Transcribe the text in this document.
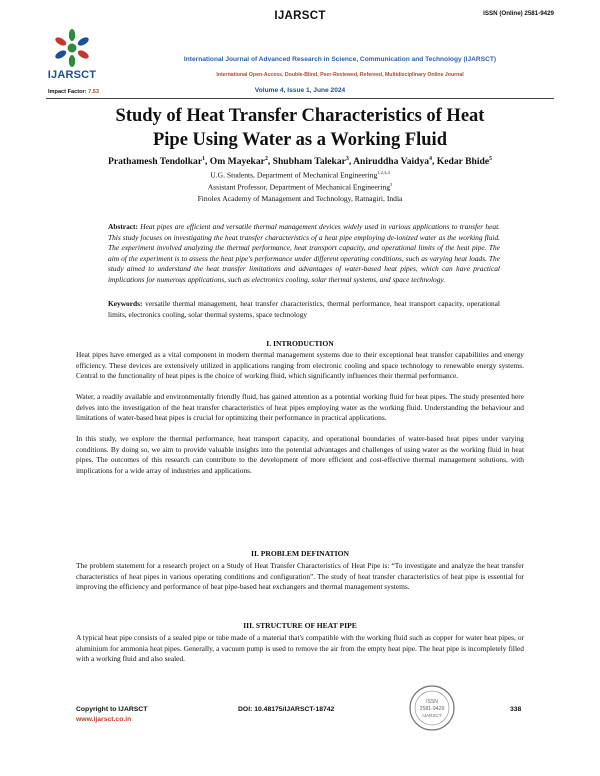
IJARSCT	ISSN (Online) 2581-9429
IJARSCT
International Journal of Advanced Research in Science, Communication and Technology (IJARSCT)
International Open-Access, Double-Blind, Peer-Reviewed, Refereed, Multidisciplinary Online Journal
Impact Factor: 7.53	Volume 4, Issue 1, June 2024
Study of Heat Transfer Characteristics of Heat
Pipe Using Water as a Working Fluid
Prathamesh Tendolkar$^1$, Om Mayekar$^2$, Shubham Talekar$^3$, Aniruddha Vaidya$^4$, Kedar Bhide$^5$
U.G. Students, Department of Mechanical Engineering$^{1,2,3,4}$
Assistant Professor, Department of Mechanical Engineering$^5$
Finolex Academy of Management and Technology, Ratnagiri, India
Abstract: Heat pipes are efficient and versatile thermal management devices widely used in various applications to transfer heat. This study focuses on investigating the heat transfer characteristics of a heat pipe employing de-ionized water as the working fluid. The experiment involved analyzing the thermal performance, heat transport capacity, and operational limits of the heat pipe. The aim of the experiment is to assess the heat pipe's performance under different operating conditions, such as varying heat loads. The study aimed to understand the heat transfer limitations and advantages of water-based heat pipes, which can have practical implications for numerous applications, such as electronics cooling, solar thermal systems, and space technology.
Keywords: versatile thermal management, heat transfer characteristics, thermal performance, heat transport capacity, operational limits, electronics cooling, solar thermal systems, space technology
I. INTRODUCTION
Heat pipes have emerged as a vital component in modern thermal management systems due to their exceptional heat transfer capabilities and energy efficiency. These devices are extensively utilized in applications ranging from electronic cooling and space technology to renewable energy systems. Central to the functionality of heat pipes is the choice of working fluid, which significantly influences their thermal performance.
Water, a readily available and environmentally friendly fluid, has gained attention as a potential working fluid for heat pipes. The study presented here delves into the investigation of the heat transfer characteristics of heat pipes employing water as the working fluid. Understanding the behaviour and limitations of water-based heat pipes is crucial for optimizing their performance in practical applications.
In this study, we explore the thermal performance, heat transport capacity, and operational boundaries of water-based heat pipes under varying conditions. By doing so, we aim to provide valuable insights into the potential advantages and challenges of using water as the working fluid in heat pipes. The outcomes of this research can contribute to the development of more efficient and cost-effective thermal management solutions, with implications for a wide array of industries and applications.
II. PROBLEM DEFINATION
The problem statement for a research project on a Study of Heat Transfer Characteristics of Heat Pipe is: “To investigate and analyze the heat transfer characteristics of heat pipes in various operating conditions and configuration”. The study of heat transfer characteristics of heat pipe is essential for improving the efficiency and performance of heat pipe-based heat exchangers and thermal management systems.
III. STRUCTURE OF HEAT PIPE
A typical heat pipe consists of a sealed pipe or tube made of a material that's compatible with the working fluid such as copper for water heat pipes, or aluminium for ammonia heat pipes. Generally, a vacuum pump is used to remove the air from the empty heat pipe. The heat pipe is incompletely filled with a working fluid and also sealed.
Copyright to IJARSCT
www.ijarsct.co.in
DOI: 10.48175/IJARSCT-18742
ISSN
2581-9429
IJARSCT
338
